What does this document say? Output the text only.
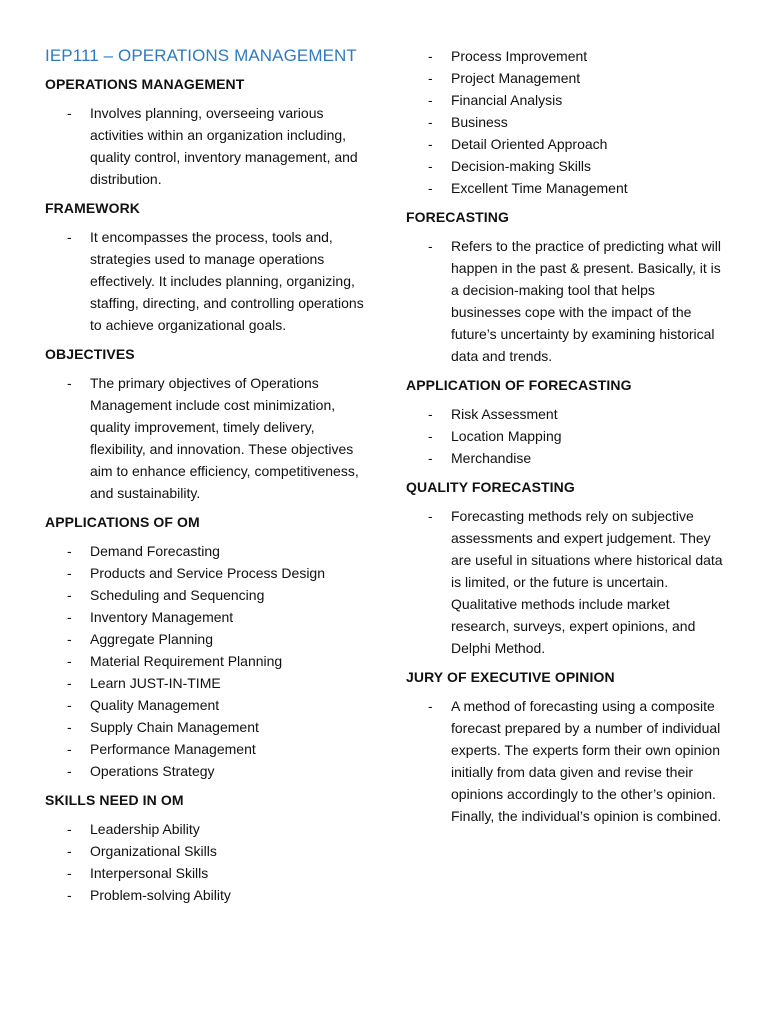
IEP111 – OPERATIONS MANAGEMENT
OPERATIONS MANAGEMENT
- Involves planning, overseeing various activities within an organization including, quality control, inventory management, and distribution.
FRAMEWORK
- It encompasses the process, tools and, strategies used to manage operations effectively. It includes planning, organizing, staffing, directing, and controlling operations to achieve organizational goals.
OBJECTIVES
- The primary objectives of Operations Management include cost minimization, quality improvement, timely delivery, flexibility, and innovation. These objectives aim to enhance efficiency, competitiveness, and sustainability.
APPLICATIONS OF OM
- Demand Forecasting
- Products and Service Process Design
- Scheduling and Sequencing
- Inventory Management
- Aggregate Planning
- Material Requirement Planning
- Learn JUST-IN-TIME
- Quality Management
- Supply Chain Management
- Performance Management
- Operations Strategy
SKILLS NEED IN OM
- Leadership Ability
- Organizational Skills
- Interpersonal Skills
- Problem-solving Ability
- Process Improvement
- Project Management
- Financial Analysis
- Business
- Detail Oriented Approach
- Decision-making Skills
- Excellent Time Management
FORECASTING
- Refers to the practice of predicting what will happen in the past & present. Basically, it is a decision-making tool that helps businesses cope with the impact of the future’s uncertainty by examining historical data and trends.
APPLICATION OF FORECASTING
- Risk Assessment
- Location Mapping
- Merchandise
QUALITY FORECASTING
- Forecasting methods rely on subjective assessments and expert judgement. They are useful in situations where historical data is limited, or the future is uncertain. Qualitative methods include market research, surveys, expert opinions, and Delphi Method.
JURY OF EXECUTIVE OPINION
- A method of forecasting using a composite forecast prepared by a number of individual experts. The experts form their own opinion initially from data given and revise their opinions accordingly to the other’s opinion. Finally, the individual’s opinion is combined.
